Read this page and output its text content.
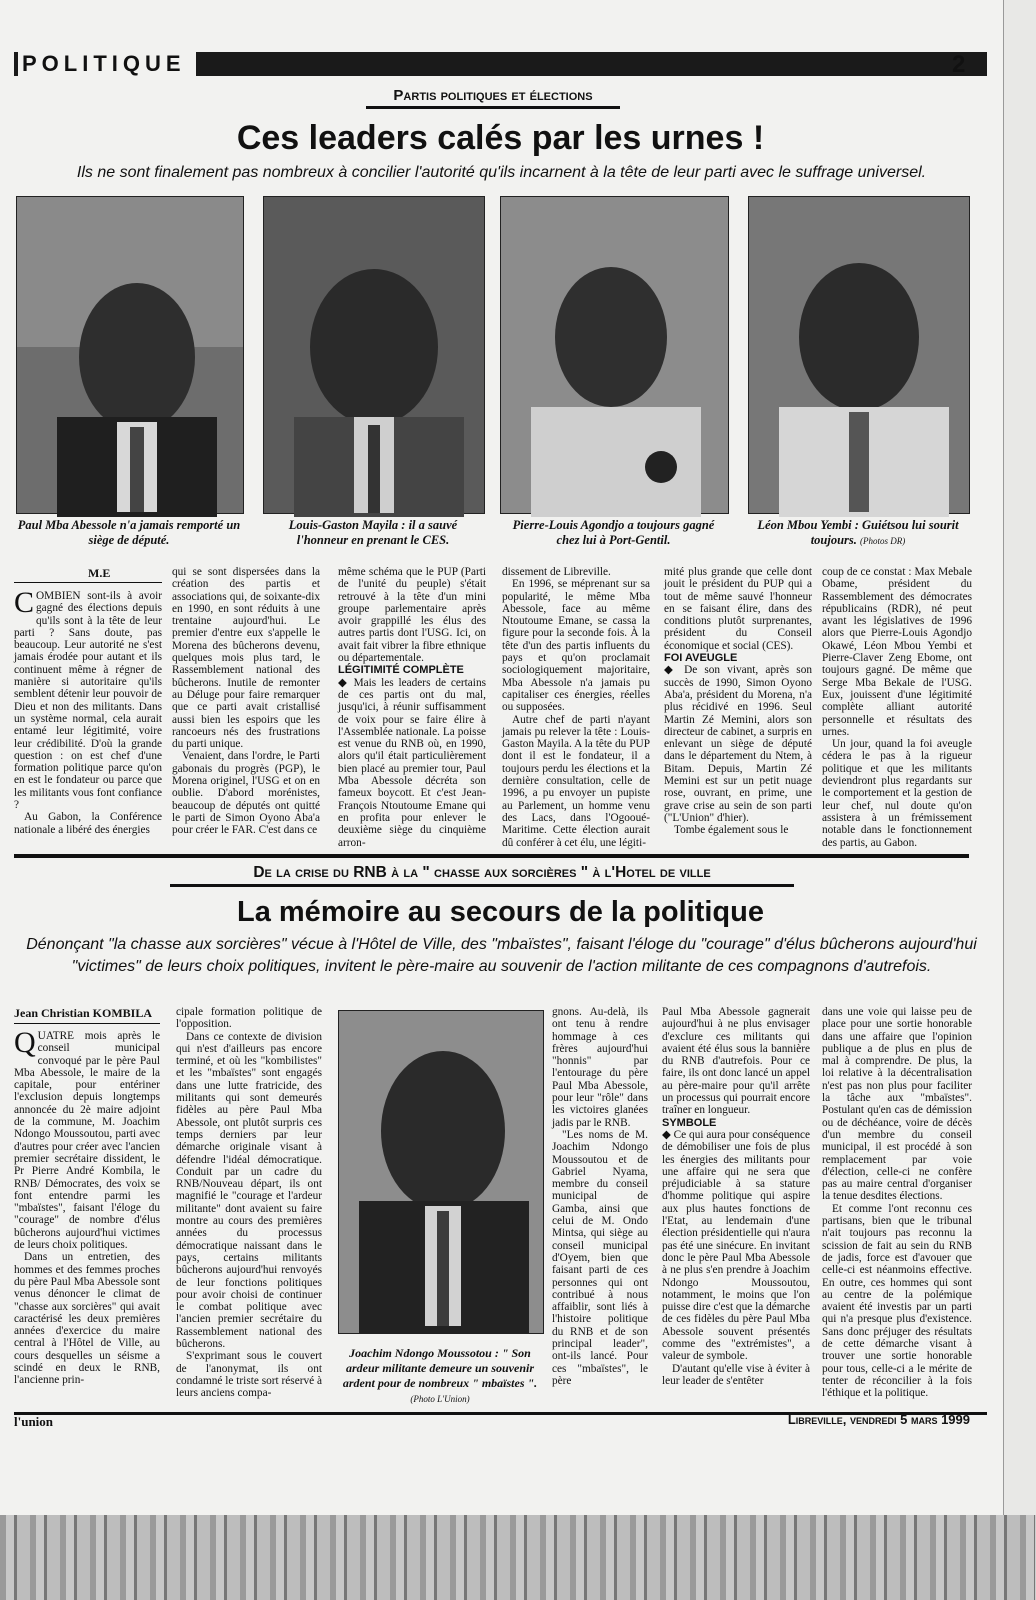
POLITIQUE	2
Partis politiques et élections
Ces leaders calés par les urnes !
Ils ne sont finalement pas nombreux à concilier l'autorité qu'ils incarnent à la tête de leur parti avec le suffrage universel.
Paul Mba Abessole n'a jamais remporté un siège de député.
Louis-Gaston Mayila : il a sauvé l'honneur en prenant le CES.
Pierre-Louis Agondjo a toujours gagné chez lui à Port-Gentil.
Léon Mbou Yembi : Guiétsou lui sourit toujours. (Photos DR)
M.E
C OMBIEN sont-ils à avoir gagné des élections depuis qu'ils sont à la tête de leur parti ? Sans doute, pas beaucoup. Leur autorité ne s'est jamais érodée pour autant et ils continuent même à régner de manière si autoritaire qu'ils semblent détenir leur pouvoir de Dieu et non des militants. Dans un système normal, cela aurait entamé leur légitimité, voire leur crédibilité. D'où la grande question : on est chef d'une formation politique parce qu'on en est le fondateur ou parce que les militants vous font confiance ?

Au Gabon, la Conférence nationale a libéré des énergies

qui se sont dispersées dans la création des partis et associations qui, de soixante-dix en 1990, en sont réduits à une trentaine aujourd'hui. Le premier d'entre eux s'appelle le Morena des bûcherons devenu, quelques mois plus tard, le Rassemblement national des bûcherons. Inutile de remonter au Déluge pour faire remarquer que ce parti avait cristallisé aussi bien les espoirs que les rancoeurs nés des frustrations du parti unique.

Venaient, dans l'ordre, le Parti gabonais du progrès (PGP), le Morena originel, l'USG et on en oublie. D'abord morénistes, beaucoup de députés ont quitté le parti de Simon Oyono Aba'a pour créer le FAR. C'est dans ce

même schéma que le PUP (Parti de l'unité du peuple) s'était retrouvé à la tête d'un mini groupe parlementaire après avoir grappillé les élus des autres partis dont l'USG. Ici, on avait fait vibrer la fibre ethnique ou départementale.

LÉGITIMITÉ COMPLÈTE

◆ Mais les leaders de certains de ces partis ont du mal, jusqu'ici, à réunir suffisamment de voix pour se faire élire à l'Assemblée nationale. La poisse est venue du RNB où, en 1990, alors qu'il était particulièrement bien placé au premier tour, Paul Mba Abessole décréta son fameux boycott. Et c'est Jean-François Ntoutoume Emane qui en profita pour enlever le deuxième siège du cinquième arron-

dissement de Libreville.

En 1996, se méprenant sur sa popularité, le même Mba Abessole, face au même Ntoutoume Emane, se cassa la figure pour la seconde fois. À la tête d'un des partis influents du pays et qu'on proclamait sociologiquement majoritaire, Mba Abessole n'a jamais pu capitaliser ces énergies, réelles ou supposées.

Autre chef de parti n'ayant jamais pu relever la tête : Louis-Gaston Mayila. A la tête du PUP dont il est le fondateur, il a toujours perdu les élections et la dernière consultation, celle de 1996, a pu envoyer un pupiste au Parlement, un homme venu des Lacs, dans l'Ogooué-Maritime. Cette élection aurait dû conférer à cet élu, une légiti-

mité plus grande que celle dont jouit le président du PUP qui a tout de même sauvé l'honneur en se faisant élire, dans des conditions plutôt surprenantes, président du Conseil économique et social (CES).

FOI AVEUGLE

◆ De son vivant, après son succès de 1990, Simon Oyono Aba'a, président du Morena, n'a plus récidivé en 1996. Seul Martin Zé Memini, alors son directeur de cabinet, a surpris en enlevant un siège de député dans le département du Ntem, à Bitam. Depuis, Martin Zé Memini est sur un petit nuage rose, ouvrant, en prime, une grave crise au sein de son parti ("L'Union" d'hier).

Tombe également sous le

coup de ce constat : Max Mebale Obame, président du Rassemblement des démocrates républicains (RDR), né peut avant les législatives de 1996 alors que Pierre-Louis Agondjo Okawé, Léon Mbou Yembi et Pierre-Claver Zeng Ebome, ont toujours gagné. De même que Serge Mba Bekale de l'USG. Eux, jouissent d'une légitimité complète alliant autorité personnelle et résultats des urnes.

Un jour, quand la foi aveugle cédera le pas à la rigueur politique et que les militants deviendront plus regardants sur le comportement et la gestion de leur chef, nul doute qu'on assistera à un frémissement notable dans le fonctionnement des partis, au Gabon.

De la crise du RNB à la " chasse aux sorcières " à l'Hotel de ville
La mémoire au secours de la politique
Dénonçant "la chasse aux sorcières" vécue à l'Hôtel de Ville, des "mbaïstes", faisant l'éloge du "courage" d'élus bûcherons aujourd'hui "victimes" de leurs choix politiques, invitent le père-maire au souvenir de l'action militante de ces compagnons d'autrefois.
Jean Christian KOMBILA
Q UATRE mois après le conseil municipal convoqué par le père Paul Mba Abessole, le maire de la capitale, pour entériner l'exclusion depuis longtemps annoncée du 2è maire adjoint de la commune, M. Joachim Ndongo Moussoutou, parti avec d'autres pour créer avec l'ancien premier secrétaire dissident, le Pr Pierre André Kombila, le RNB/ Démocrates, des voix se font entendre parmi les "mbaïstes", faisant l'éloge du "courage" de nombre d'élus bûcherons aujourd'hui victimes de leurs choix politiques.

Dans un entretien, des hommes et des femmes proches du père Paul Mba Abessole sont venus dénoncer le climat de "chasse aux sorcières" qui avait caractérisé les deux premières années d'exercice du maire central à l'Hôtel de Ville, au cours desquelles un séisme a scindé en deux le RNB, l'ancienne prin-

cipale formation politique de l'opposition.

Dans ce contexte de division qui n'est d'ailleurs pas encore terminé, et où les "kombilistes" et les "mbaïstes" sont engagés dans une lutte fratricide, des militants qui sont demeurés fidèles au père Paul Mba Abessole, ont plutôt surpris ces temps derniers par leur démarche originale visant à défendre l'idéal démocratique. Conduit par un cadre du RNB/Nouveau départ, ils ont magnifié le "courage et l'ardeur militante" dont avaient su faire montre au cours des premières années du processus démocratique naissant dans le pays, certains militants bûcherons aujourd'hui renvoyés de leur fonctions politiques pour avoir choisi de continuer le combat politique avec l'ancien premier secrétaire du Rassemblement national des bûcherons.

S'exprimant sous le couvert de l'anonymat, ils ont condamné le triste sort réservé à leurs anciens compa-

Joachim Ndongo Moussotou : " Son ardeur militante demeure un souvenir ardent pour de nombreux " mbaïstes ". (Photo L'Union)

gnons. Au-delà, ils ont tenu à rendre hommage à ces frères aujourd'hui "honnis" par l'entourage du père Paul Mba Abessole, pour leur "rôle" dans les victoires glanées jadis par le RNB.

"Les noms de M. Joachim Ndongo Moussoutou et de Gabriel Nyama, membre du conseil municipal de Gamba, ainsi que celui de M. Ondo Mintsa, qui siège au conseil municipal d'Oyem, bien que faisant parti de ces personnes qui ont contribué à nous affaiblir, sont liés à l'histoire politique du RNB et de son principal leader", ont-ils lancé. Pour ces "mbaïstes", le père

Paul Mba Abessole gagnerait aujourd'hui à ne plus envisager d'exclure ces militants qui avaient été élus sous la bannière du RNB d'autrefois. Pour ce faire, ils ont donc lancé un appel au père-maire pour qu'il arrête un processus qui pourrait encore traîner en longueur.

SYMBOLE

◆ Ce qui aura pour conséquence de démobiliser une fois de plus les énergies des militants pour une affaire qui ne sera que préjudiciable à sa stature d'homme politique qui aspire aux plus hautes fonctions de l'Etat, au lendemain d'une élection présidentielle qui n'aura pas été une sinécure. En invitant donc le père Paul Mba Abessole à ne plus s'en prendre à Joachim Ndongo Moussoutou, notamment, le moins que l'on puisse dire c'est que la démarche de ces fidèles du père Paul Mba Abessole souvent présentés comme des "extrémistes", a valeur de symbole.

D'autant qu'elle vise à éviter à leur leader de s'entêter

dans une voie qui laisse peu de place pour une sortie honorable dans une affaire que l'opinion publique a de plus en plus de mal à comprendre. De plus, la loi relative à la décentralisation n'est pas non plus pour faciliter la tâche aux "mbaïstes". Postulant qu'en cas de démission ou de déchéance, voire de décès d'un membre du conseil municipal, il est procédé à son remplacement par voie d'élection, celle-ci ne confère pas au maire central d'organiser la tenue desdites élections.

Et comme l'ont reconnu ces partisans, bien que le tribunal n'ait toujours pas reconnu la scission de fait au sein du RNB de jadis, force est d'avouer que celle-ci est néanmoins effective. En outre, ces hommes qui sont au centre de la polémique avaient été investis par un parti qui n'a presque plus d'existence. Sans donc préjuger des résultats de cette démarche visant à trouver une sortie honorable pour tous, celle-ci a le mérite de tenter de réconcilier à la fois l'éthique et la politique.

l'union	Libreville, vendredi 5 mars 1999
